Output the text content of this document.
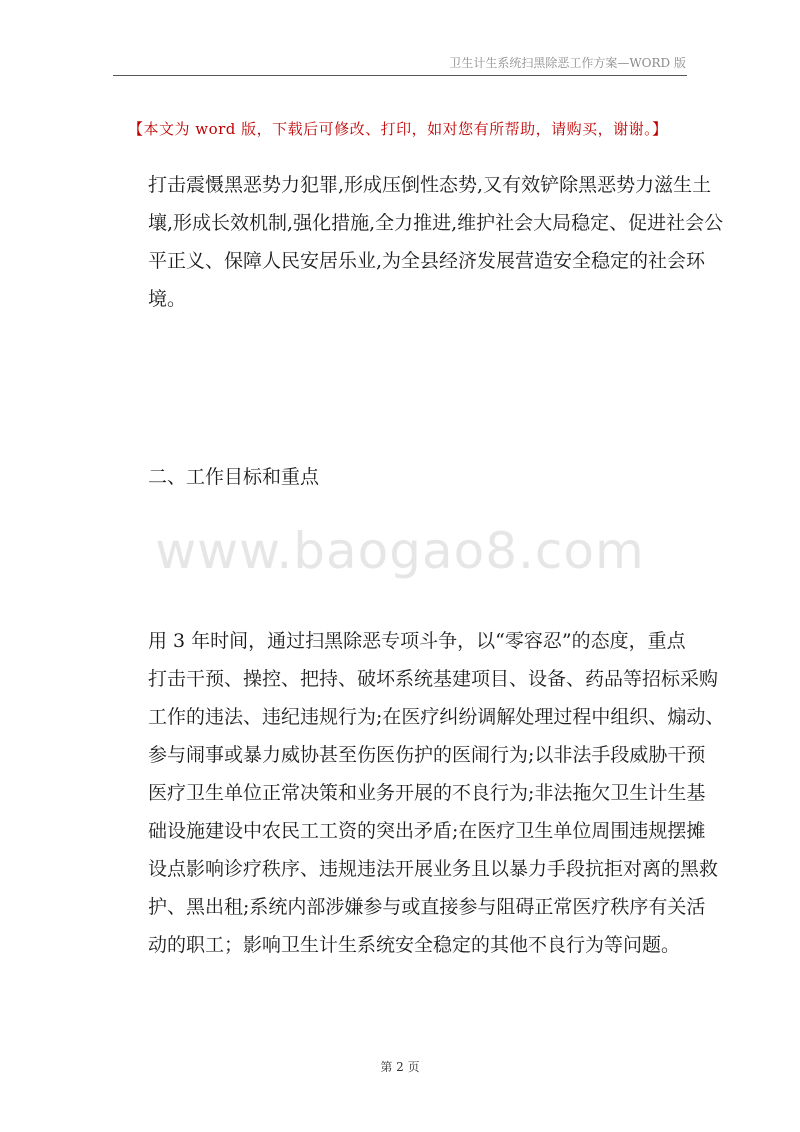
卫生计生系统扫黑除恶工作方案—WORD 版
【本文为 word 版，下载后可修改、打印，如对您有所帮助，请购买，谢谢。】
打击震慑黑恶势力犯罪,形成压倒性态势,又有效铲除黑恶势力滋生土
壤,形成长效机制,强化措施,全力推进,维护社会大局稳定、促进社会公
平正义、保障人民安居乐业,为全县经济发展营造安全稳定的社会环
境。
二、工作目标和重点
www.baogao8.com
用 3 年时间，通过扫黑除恶专项斗争，以“零容忍”的态度，重点
打击干预、操控、把持、破坏系统基建项目、设备、药品等招标采购
工作的违法、违纪违规行为;在医疗纠纷调解处理过程中组织、煽动、
参与闹事或暴力威协甚至伤医伤护的医闹行为;以非法手段威胁干预
医疗卫生单位正常决策和业务开展的不良行为;非法拖欠卫生计生基
础设施建设中农民工工资的突出矛盾;在医疗卫生单位周围违规摆摊
设点影响诊疗秩序、违规违法开展业务且以暴力手段抗拒对离的黑救
护、黑出租;系统内部涉嫌参与或直接参与阻碍正常医疗秩序有关活
动的职工；影响卫生计生系统安全稳定的其他不良行为等问题。
第 2 页
